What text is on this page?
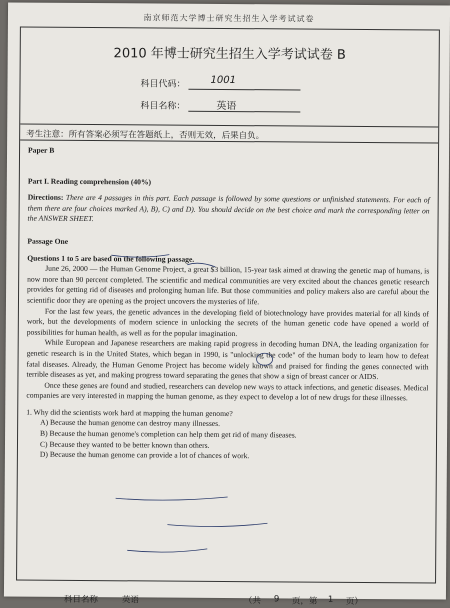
南京师范大学博士研究生招生入学考试试卷
2010 年博士研究生招生入学考试试卷 B
科目代码： 1001
科目名称：	英语
考生注意：所有答案必须写在答题纸上，否则无效，后果自负。

Paper B

Part I. Reading comprehension (40%)

Directions: There are 4 passages in this part. Each passage is followed by some questions or unfinished statements. For each of them there are four choices marked A), B), C) and D). You should decide on the best choice and mark the corresponding letter on the ANSWER SHEET.

Passage One

Questions 1 to 5 are based on the following passage.

June 26, 2000 — the Human Genome Project, a great $3 billion, 15-year task aimed at drawing the genetic map of humans, is now more than 90 percent completed. The scientific and medical communities are very excited about the chances genetic research provides for getting rid of diseases and prolonging human life. But those communities and policy makers also are careful about the scientific door they are opening as the project uncovers the mysteries of life.

For the last few years, the genetic advances in the developing field of biotechnology have provides material for all kinds of work, but the developments of modern science in unlocking the secrets of the human genetic code have opened a world of possibilities for human health, as well as for the popular imagination.

While European and Japanese researchers are making rapid progress in decoding human DNA, the leading organization for genetic research is in the United States, which began in 1990, is "unlocking the code" of the human body to learn how to defeat fatal diseases. Already, the Human Genome Project has become widely known and praised for finding the genes connected with terrible diseases as yet, and making progress toward separating the genes that show a sign of breast cancer or AIDS.

Once these genes are found and studied, researchers can develop new ways to attack infections, and genetic diseases. Medical companies are very interested in mapping the human genome, as they expect to develop a lot of new drugs for these illnesses.

1. Why did the scientists work hard at mapping the human genome?

A) Because the human genome can destroy many illnesses.

B) Because the human genome's completion can help them get rid of many diseases.

C) Because they wanted to be better known than others.

D) Because the human genome can provide a lot of chances of work.

科目名称	英语	（共 9 页，第 1 页）
